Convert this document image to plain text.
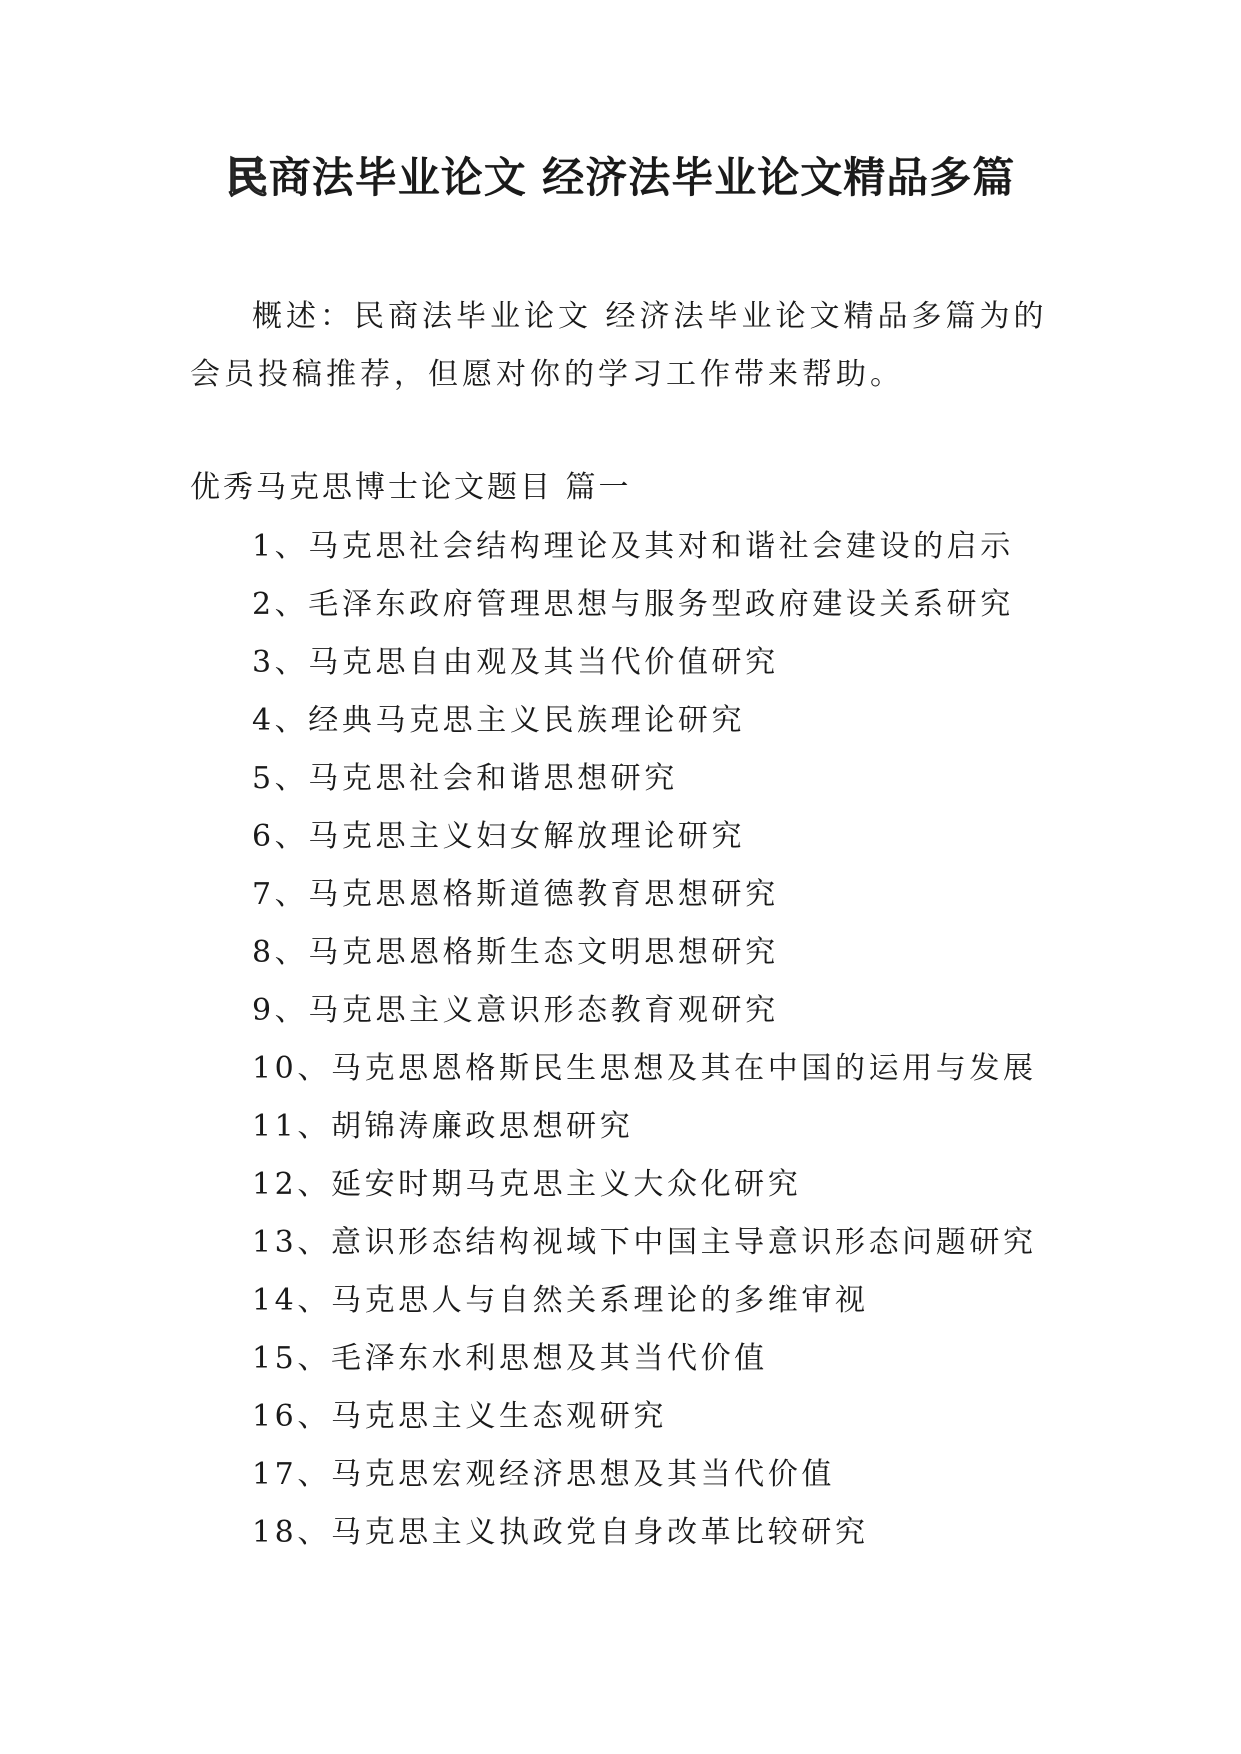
民商法毕业论文 经济法毕业论文精品多篇

概述：民商法毕业论文 经济法毕业论文精品多篇为的会员投稿推荐，但愿对你的学习工作带来帮助。

优秀马克思博士论文题目 篇一

1、马克思社会结构理论及其对和谐社会建设的启示
2、毛泽东政府管理思想与服务型政府建设关系研究
3、马克思自由观及其当代价值研究
4、经典马克思主义民族理论研究
5、马克思社会和谐思想研究
6、马克思主义妇女解放理论研究
7、马克思恩格斯道德教育思想研究
8、马克思恩格斯生态文明思想研究
9、马克思主义意识形态教育观研究
10、马克思恩格斯民生思想及其在中国的运用与发展
11、胡锦涛廉政思想研究
12、延安时期马克思主义大众化研究
13、意识形态结构视域下中国主导意识形态问题研究
14、马克思人与自然关系理论的多维审视
15、毛泽东水利思想及其当代价值
16、马克思主义生态观研究
17、马克思宏观经济思想及其当代价值
18、马克思主义执政党自身改革比较研究
